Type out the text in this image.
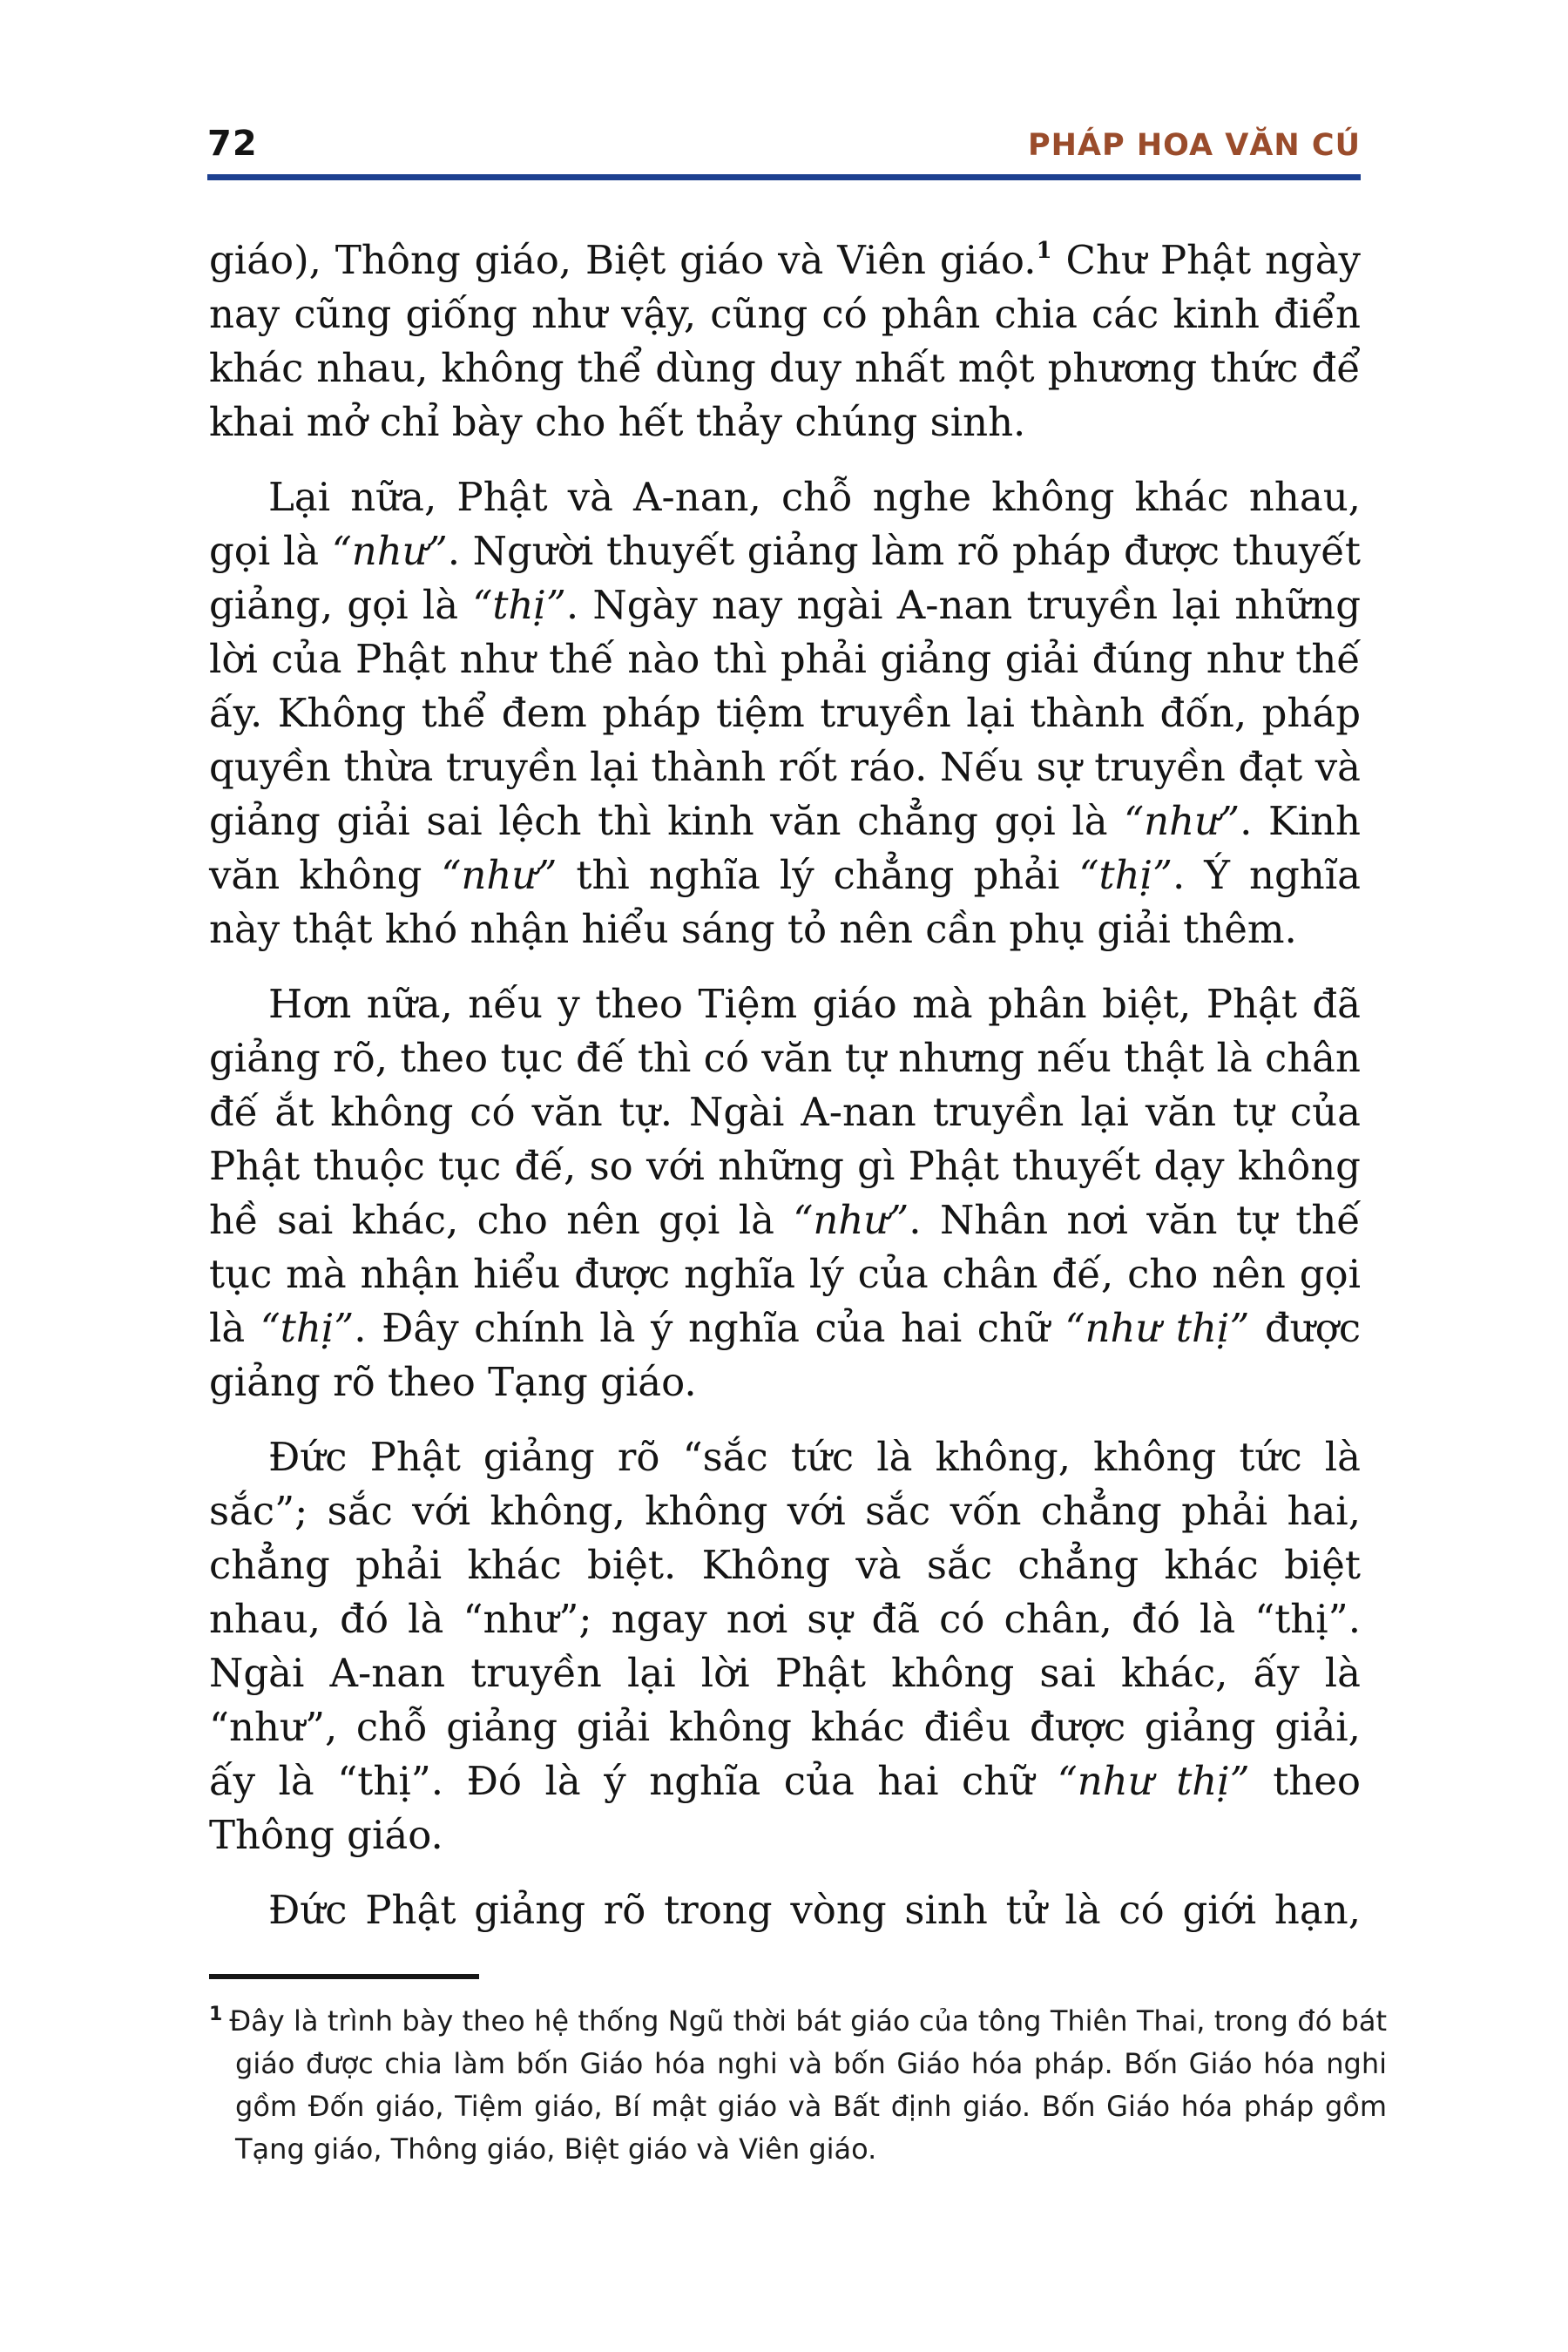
72	PHÁP HOA VĂN CÚ

giáo), Thông giáo, Biệt giáo và Viên giáo.$^1$ Chư Phật ngày nay cũng giống như vậy, cũng có phân chia các kinh điển khác nhau, không thể dùng duy nhất một phương thức để khai mở chỉ bày cho hết thảy chúng sinh.

Lại nữa, Phật và A-nan, chỗ nghe không khác nhau, gọi là “như”. Người thuyết giảng làm rõ pháp được thuyết giảng, gọi là “thị”. Ngày nay ngài A-nan truyền lại những lời của Phật như thế nào thì phải giảng giải đúng như thế ấy. Không thể đem pháp tiệm truyền lại thành đốn, pháp quyền thừa truyền lại thành rốt ráo. Nếu sự truyền đạt và giảng giải sai lệch thì kinh văn chẳng gọi là “như”. Kinh văn không “như” thì nghĩa lý chẳng phải “thị”. Ý nghĩa này thật khó nhận hiểu sáng tỏ nên cần phụ giải thêm.

Hơn nữa, nếu y theo Tiệm giáo mà phân biệt, Phật đã giảng rõ, theo tục đế thì có văn tự nhưng nếu thật là chân đế ắt không có văn tự. Ngài A-nan truyền lại văn tự của Phật thuộc tục đế, so với những gì Phật thuyết dạy không hề sai khác, cho nên gọi là “như”. Nhân nơi văn tự thế tục mà nhận hiểu được nghĩa lý của chân đế, cho nên gọi là “thị”. Đây chính là ý nghĩa của hai chữ “như thị” được giảng rõ theo Tạng giáo.

Đức Phật giảng rõ “sắc tức là không, không tức là sắc”; sắc với không, không với sắc vốn chẳng phải hai, chẳng phải khác biệt. Không và sắc chẳng khác biệt nhau, đó là “như”; ngay nơi sự đã có chân, đó là “thị”. Ngài A-nan truyền lại lời Phật không sai khác, ấy là “như”, chỗ giảng giải không khác điều được giảng giải, ấy là “thị”. Đó là ý nghĩa của hai chữ “như thị” theo Thông giáo.

Đức Phật giảng rõ trong vòng sinh tử là có giới hạn,

$^1$ Đây là trình bày theo hệ thống Ngũ thời bát giáo của tông Thiên Thai, trong đó bát giáo được chia làm bốn Giáo hóa nghi và bốn Giáo hóa pháp. Bốn Giáo hóa nghi gồm Đốn giáo, Tiệm giáo, Bí mật giáo và Bất định giáo. Bốn Giáo hóa pháp gồm Tạng giáo, Thông giáo, Biệt giáo và Viên giáo.
